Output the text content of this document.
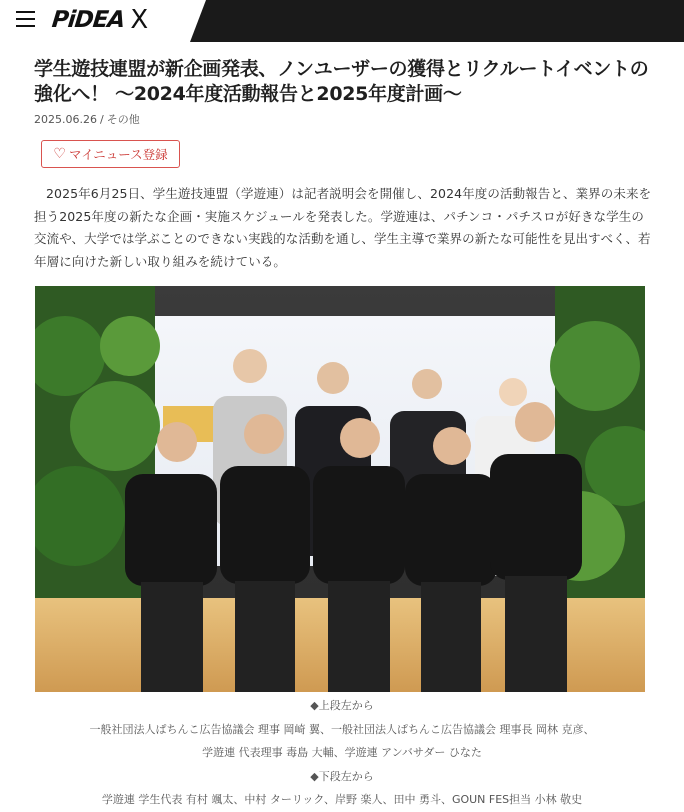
PiDEA X
学生遊技連盟が新企画発表、ノンユーザーの獲得とリクルートイベントの強化へ！ 〜2024年度活動報告と2025年度計画〜
2025.06.26 / その他
♡ マイニュース登録

2025年6月25日、学生遊技連盟（学遊連）は記者説明会を開催し、2024年度の活動報告と、業界の未来を担う2025年度の新たな企画・実施スケジュールを発表した。学遊連は、パチンコ・パチスロが好きな学生の交流や、大学では学ぶことのできない実践的な活動を通し、学生主導で業界の新たな可能性を見出すべく、若年層に向けた新しい取り組みを続けている。

◆上段左から
一般社団法人ぱちんこ広告協議会 理事 岡崎 翼、一般社団法人ぱちんこ広告協議会 理事長 岡林 克彦、
学遊連 代表理事 毒島 大輔、学遊連 アンバサダー ひなた
◆下段左から
学遊連 学生代表 有村 颯太、中村 ターリック、岸野 楽人、田中 勇斗、GOUN FES担当 小林 敬史
